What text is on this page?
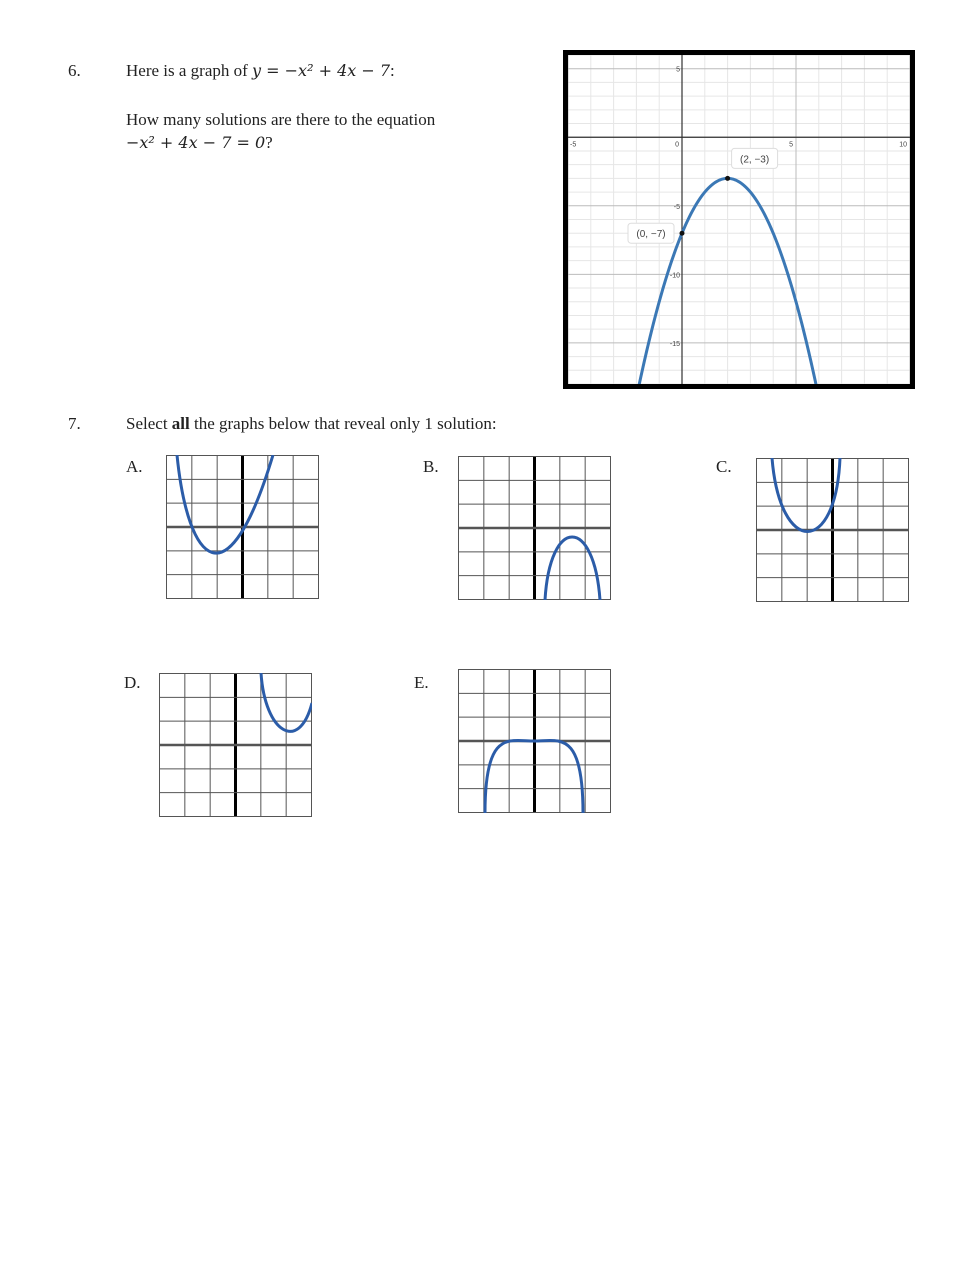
6.	Here is a graph of y = −x² + 4x − 7:
How many solutions are there to the equation
−x² + 4x − 7 = 0?	-5	0	5	10
5
-5
-10
-15
(0, −7)
(2, −3)
7.	Select all the graphs below that reveal only 1 solution:
A.	B.	C.
D.	E.
